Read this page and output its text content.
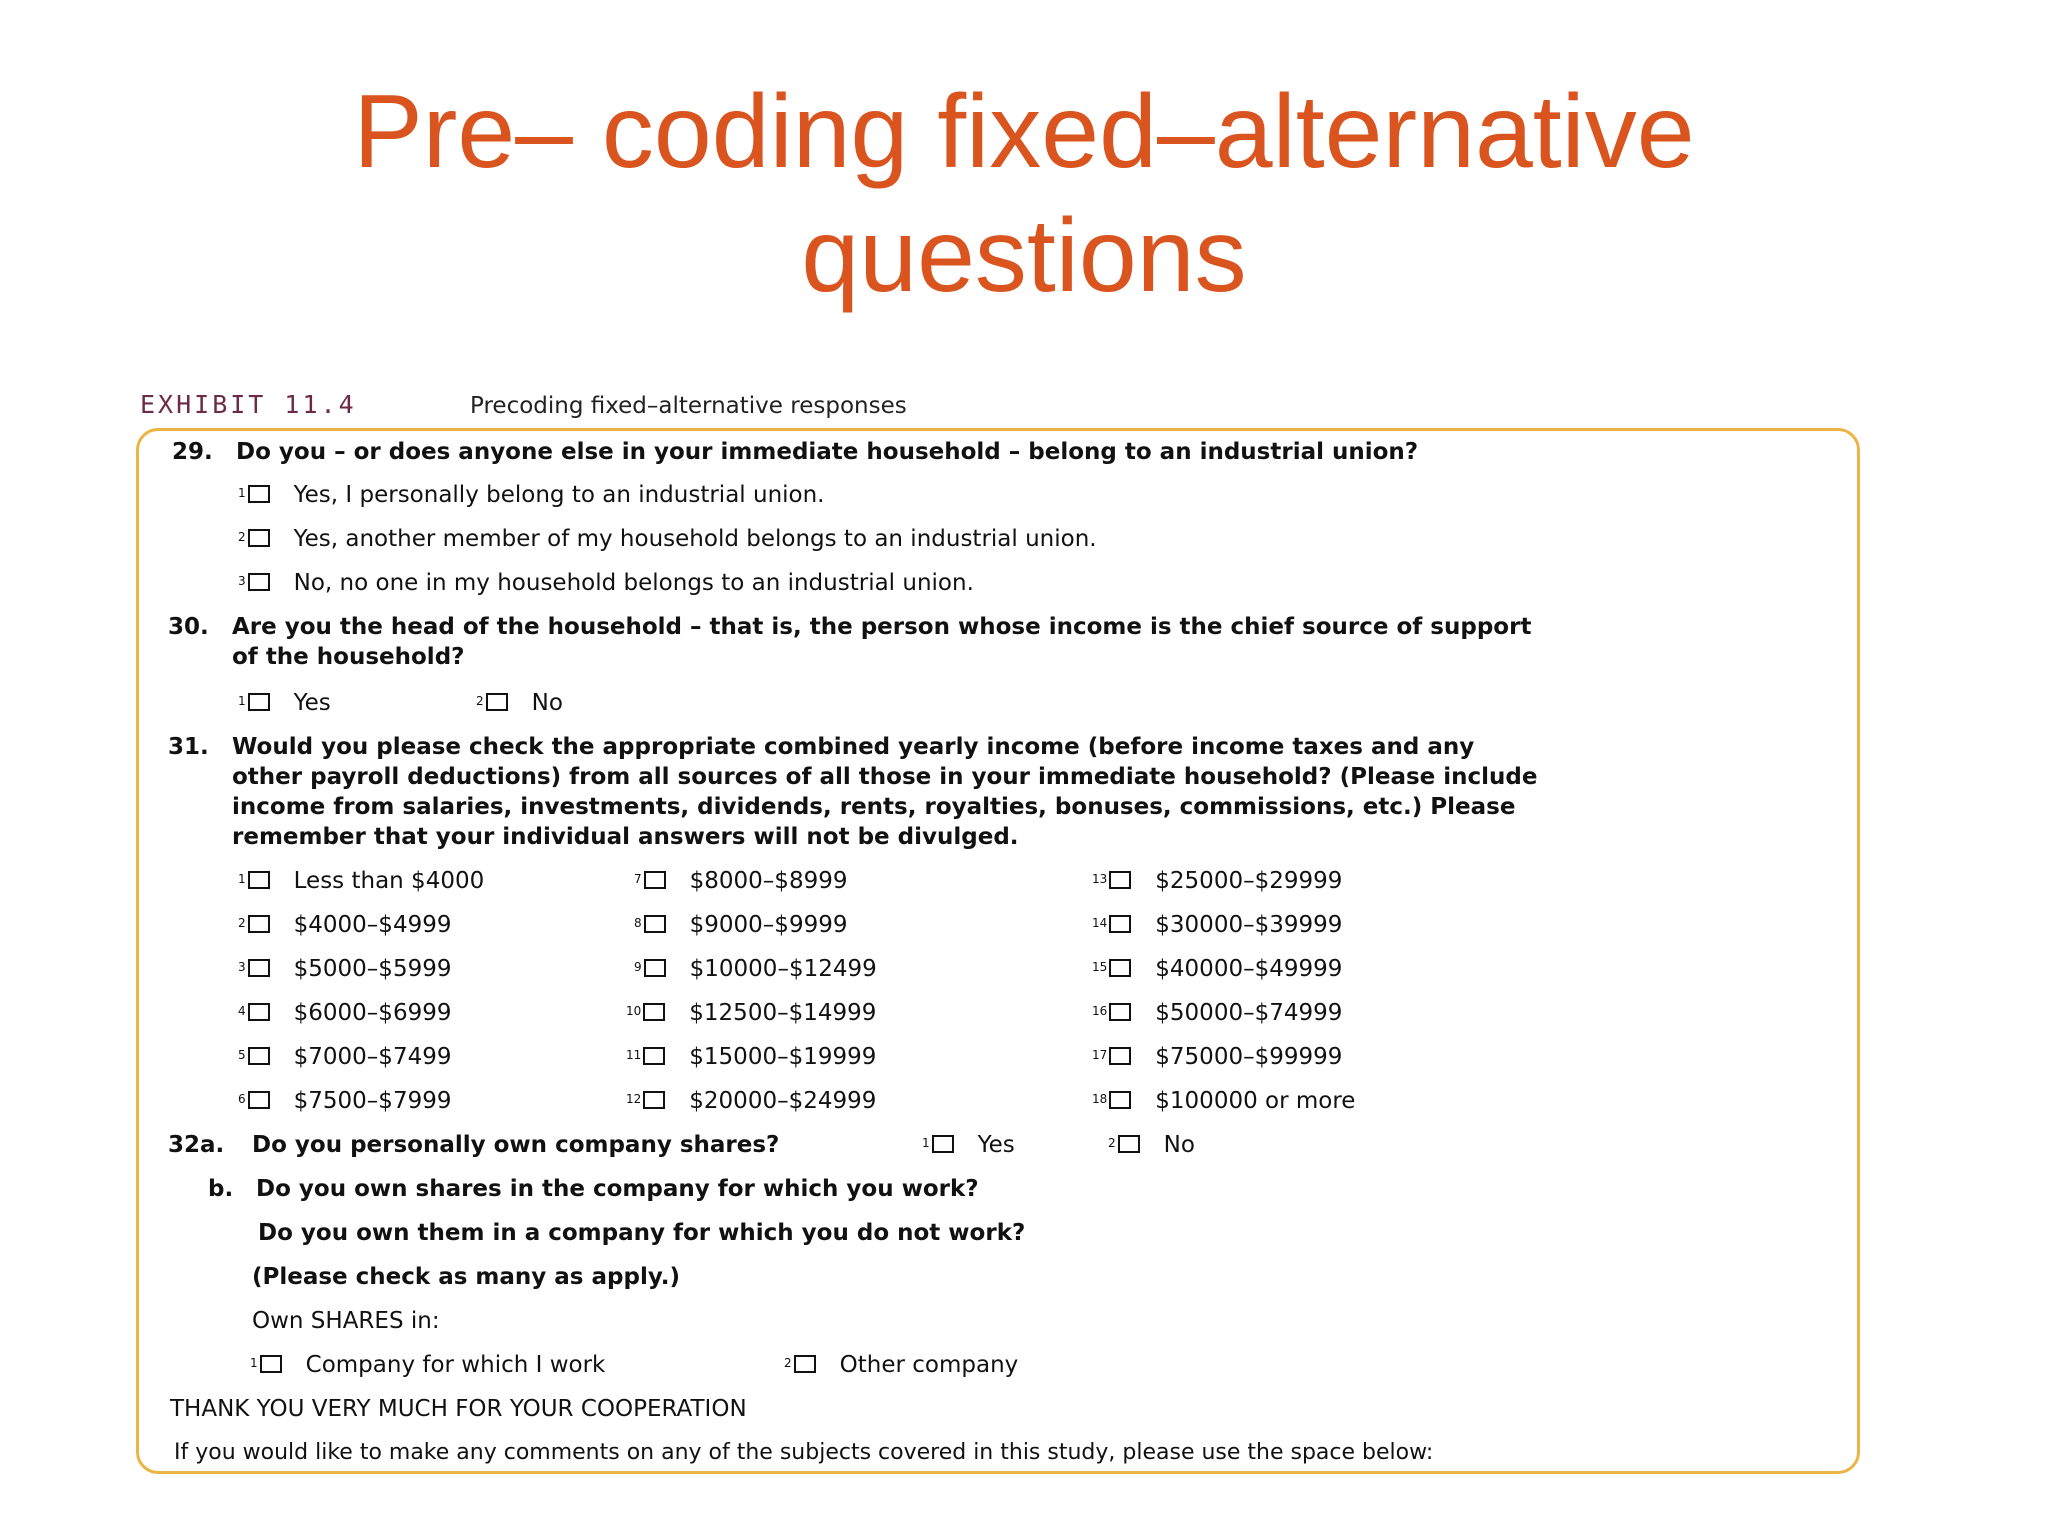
Pre– coding fixed–alternative
questions
EXHIBIT 11.4	Precoding fixed–alternative responses
29. Do you – or does anyone else in your immediate household – belong to an industrial union?
$^1$ Yes, I personally belong to an industrial union.
$^2$ Yes, another member of my household belongs to an industrial union.
$^3$ No, no one in my household belongs to an industrial union.
30. Are you the head of the household – that is, the person whose income is the chief source of support
of the household?
$^1$ Yes	$^2$ No
31. Would you please check the appropriate combined yearly income (before income taxes and any
other payroll deductions) from all sources of all those in your immediate household? (Please include
income from salaries, investments, dividends, rents, royalties, bonuses, commissions, etc.) Please
remember that your individual answers will not be divulged.
$^1$ Less than $4000
$^2$ $4000–$4999
$^3$ $5000–$5999
$^4$ $6000–$6999
$^5$ $7000–$7499
$^6$ $7500–$7999
$^7$ $8000–$8999
$^8$ $9000–$9999
$^9$ $10000–$12499
$^{10}$ $12500–$14999
$^{11}$ $15000–$19999
$^{12}$ $20000–$24999
$^{13}$ $25000–$29999
$^{14}$ $30000–$39999
$^{15}$ $40000–$49999
$^{16}$ $50000–$74999
$^{17}$ $75000–$99999
$^{18}$ $100000 or more
32a. Do you personally own company shares?	$^1$ Yes	$^2$ No
b. Do you own shares in the company for which you work?
Do you own them in a company for which you do not work?
(Please check as many as apply.)
Own SHARES in:
$^1$ Company for which I work	$^2$ Other company
THANK YOU VERY MUCH FOR YOUR COOPERATION
If you would like to make any comments on any of the subjects covered in this study, please use the space below:
